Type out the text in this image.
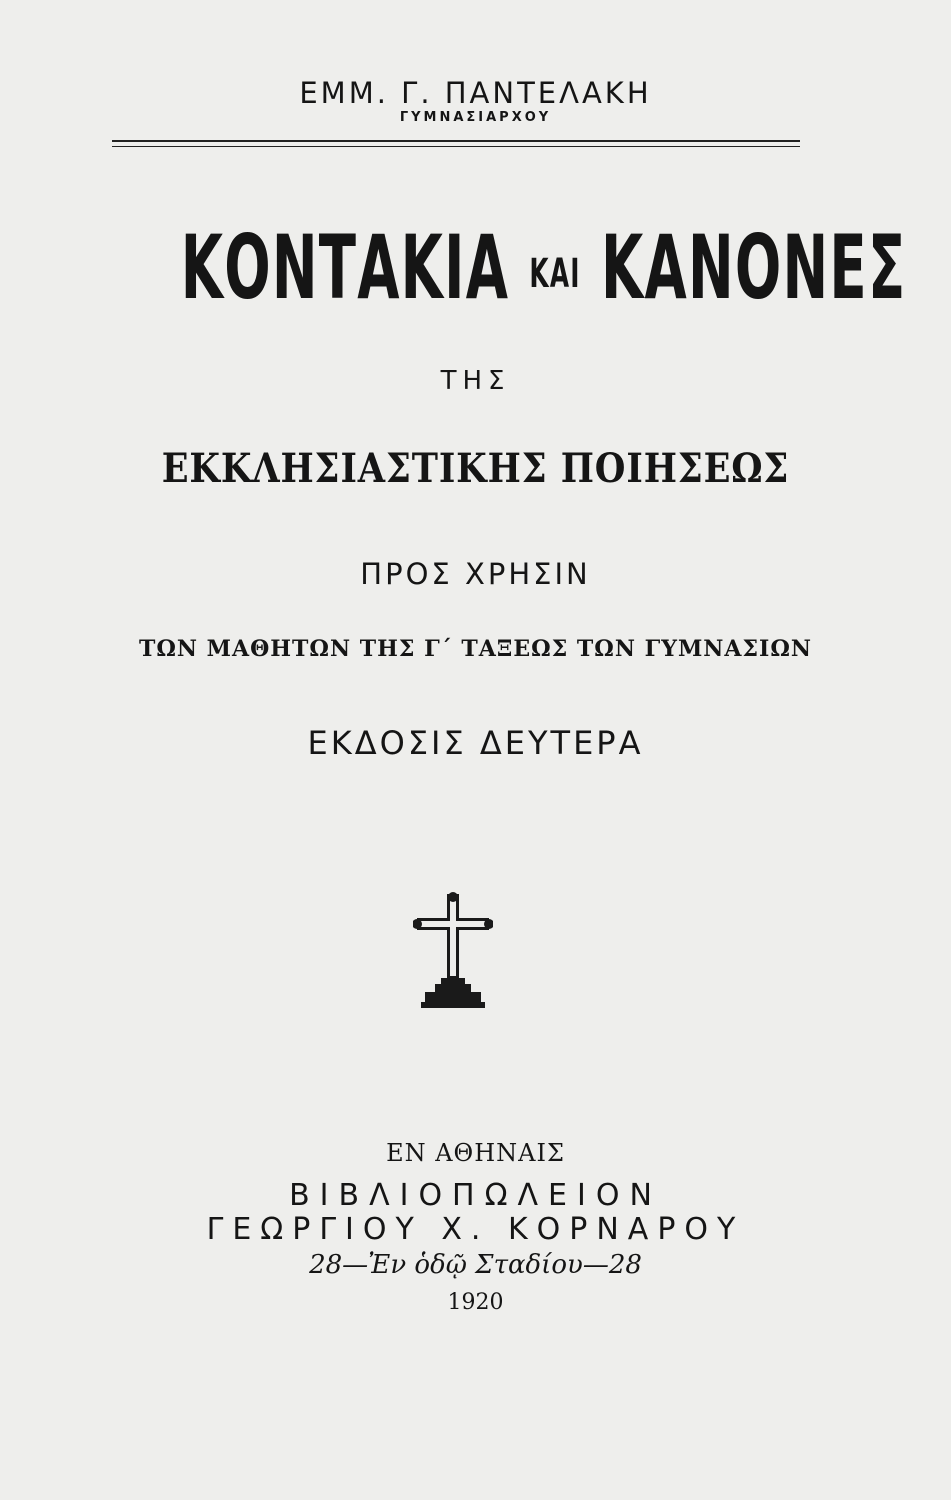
ΕΜΜ. Γ. ΠΑΝΤΕΛΑΚΗ
ΓΥΜΝΑΣΙΑΡΧΟΥ
ΚΟΝΤΑΚΙΑ ΚΑΙ ΚΑΝΟΝΕΣ
ΤΗΣ
ΕΚΚΛΗΣΙΑΣΤΙΚΗΣ ΠΟΙΗΣΕΩΣ
ΠΡΟΣ ΧΡΗΣΙΝ
ΤΩΝ ΜΑΘΗΤΩΝ ΤΗΣ Γ΄ ΤΑΞΕΩΣ ΤΩΝ ΓΥΜΝΑΣΙΩΝ
ΕΚΔΟΣΙΣ ΔΕΥΤΕΡΑ
ΕΝ ΑΘΗΝΑΙΣ
ΒΙΒΛΙΟΠΩΛΕΙΟΝ
ΓΕΩΡΓΙΟΥ Χ. ΚΟΡΝΑΡΟΥ
28—Ἐν ὁδῷ Σταδίου—28
1920
